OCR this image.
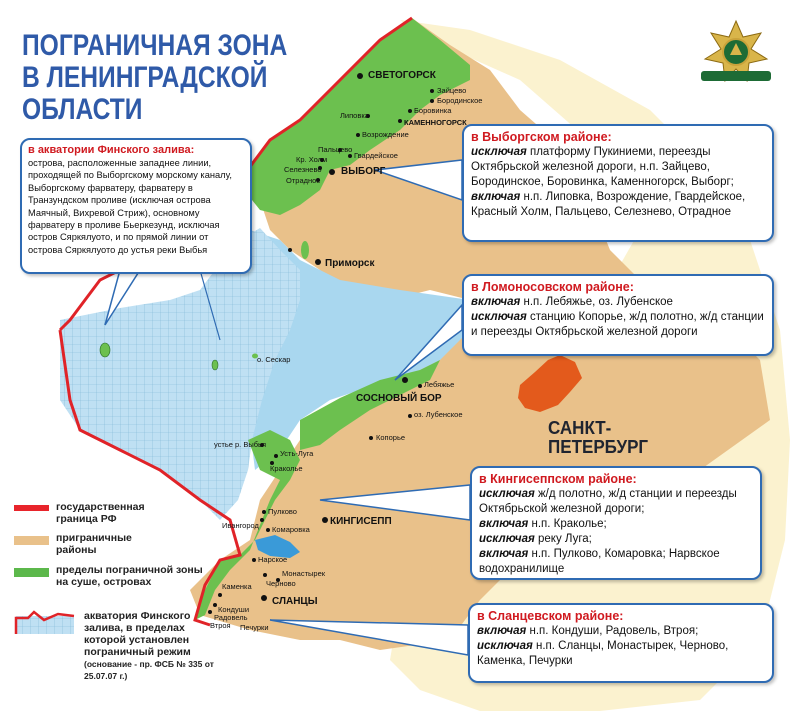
ПОГРАНИЧНАЯ ЗОНА
В ЛЕНИНГРАДСКОЙ
ОБЛАСТИ
в акватории Финского залива:
острова, расположенные западнее линии, проходящей по Выборгскому морскому каналу, Выборгскому фарватеру, фарватеру в Транзундском проливе (исключая острова Маячный, Вихревой Стриж), основному фарватеру в проливе Бьеркезунд, исключая остров Сяркялуото, и по прямой линии от острова Сяркялуото до устья реки Выбья
в Выборгском районе:
исключая платформу Пукиниеми, переезды Октябрьской железной дороги, н.п. Зайцево, Бородинское, Боровинка, Каменногорск, Выборг;
включая н.п. Липовка, Возрождение, Гвардейское, Красный Холм, Пальцево, Селезнево, Отрадное
в Ломоносовском районе:
включая н.п. Лебяжье, оз. Лубенское
исключая станцию Копорье, ж/д полотно, ж/д станции и переезды Октябрьской железной дороги
в Кингисеппском районе:
исключая ж/д полотно, ж/д станции и переезды Октябрьской железной дороги;
включая н.п. Краколье;
исключая реку Луга;
включая н.п. Пулково, Комаровка; Нарвское водохранилище
в Сланцевском районе:
включая н.п. Кондуши, Радовель, Втроя;
исключая н.п. Сланцы, Монастырек, Черново, Каменка, Печурки
государственная граница РФ
приграничные районы
пределы пограничной зоны на суше, островах
акватория Финского залива, в пределах которой установлен пограничный режим
(основание - пр. ФСБ № 335 от 25.07.07 г.)
САНКТ-ПЕТЕРБУРГ
СВЕТОГОРСК
ВЫБОРГ
Приморск
СОСНОВЫЙ БОР
КИНГИСЕПП
СЛАНЦЫ
Зайцево
Бородинское
Боровинка
КАМЕННОГОРСК
Липовка
Возрождение
Пальцево
Гвардейское
Кр. Холм
Селезнево
Отрадное
о. Сескар
Лебяжье
оз. Лубенское
Копорье
устье р. Выбья
Усть-Луга
Краколье
Пулково
Ивангород Комаровка
Нарское
Черново
Монастырек
Каменка
Кондуши
Радовель
Втроя Печурки
